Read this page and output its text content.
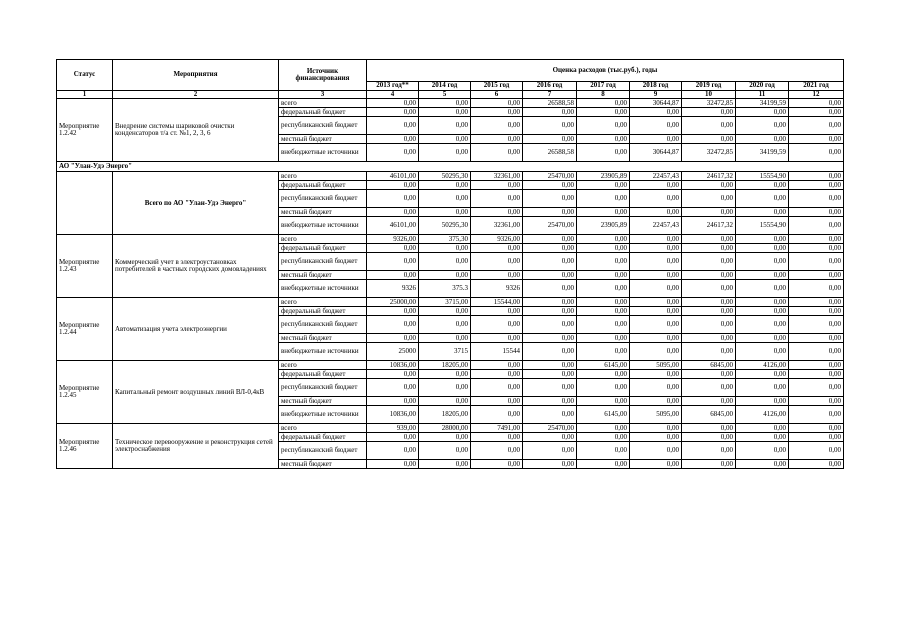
Статус	Мероприятия	Источник финансирования	Оценка расходов (тыс.руб.), годы								
			2013 год**	2014 год	2015 год	2016 год	2017 год	2018 год	2019 год	2020 год	2021 год
1	2	3	4	5	6	7	8	9	10	11	12
Мероприятие 1.2.42	Внедрение системы шариковой очистки конденсаторов т/а ст. №1, 2, 3, 6	всего	0,00	0,00	0,00	26588,58	0,00	30644,87	32472,85	34199,59	0,00
		федеральный бюджет	0,00	0,00	0,00	0,00	0,00	0,00	0,00	0,00	0,00
		республиканский бюджет	0,00	0,00	0,00	0,00	0,00	0,00	0,00	0,00	0,00
		местный бюджет	0,00	0,00	0,00	0,00	0,00	0,00	0,00	0,00	0,00
		внебюджетные источники	0,00	0,00	0,00	26588,58	0,00	30644,87	32472,85	34199,59	0,00
АО "Улан-Удэ Энерго"											
	Всего по АО "Улан-Удэ Энерго"	всего	46101,00	50295,30	32361,00	25470,00	23905,89	22457,43	24617,32	15554,90	0,00
		федеральный бюджет	0,00	0,00	0,00	0,00	0,00	0,00	0,00	0,00	0,00
		республиканский бюджет	0,00	0,00	0,00	0,00	0,00	0,00	0,00	0,00	0,00
		местный бюджет	0,00	0,00	0,00	0,00	0,00	0,00	0,00	0,00	0,00
		внебюджетные источники	46101,00	50295,30	32361,00	25470,00	23905,89	22457,43	24617,32	15554,90	0,00
Мероприятие 1.2.43	Коммерческий учет в электроустановках потребителей в частных городских домовладениях	всего	9326,00	375,30	9326,00	0,00	0,00	0,00	0,00	0,00	0,00
		федеральный бюджет	0,00	0,00	0,00	0,00	0,00	0,00	0,00	0,00	0,00
		республиканский бюджет	0,00	0,00	0,00	0,00	0,00	0,00	0,00	0,00	0,00
		местный бюджет	0,00	0,00	0,00	0,00	0,00	0,00	0,00	0,00	0,00
		внебюджетные источники	9326	375.3	9326	0,00	0,00	0,00	0,00	0,00	0,00
Мероприятие 1.2.44	Автоматизация учета электроэнергии	всего	25000,00	3715,00	15544,00	0,00	0,00	0,00	0,00	0,00	0,00
		федеральный бюджет	0,00	0,00	0,00	0,00	0,00	0,00	0,00	0,00	0,00
		республиканский бюджет	0,00	0,00	0,00	0,00	0,00	0,00	0,00	0,00	0,00
		местный бюджет	0,00	0,00	0,00	0,00	0,00	0,00	0,00	0,00	0,00
		внебюджетные источники	25000	3715	15544	0,00	0,00	0,00	0,00	0,00	0,00
Мероприятие 1.2.45	Капитальный ремонт воздушных линий ВЛ-0,4кВ	всего	10836,00	18205,00	0,00	0,00	6145,00	5095,00	6845,00	4126,00	0,00
		федеральный бюджет	0,00	0,00	0,00	0,00	0,00	0,00	0,00	0,00	0,00
		республиканский бюджет	0,00	0,00	0,00	0,00	0,00	0,00	0,00	0,00	0,00
		местный бюджет	0,00	0,00	0,00	0,00	0,00	0,00	0,00	0,00	0,00
		внебюджетные источники	10836,00	18205,00	0,00	0,00	6145,00	5095,00	6845,00	4126,00	0,00
Мероприятие 1.2.46	Техническое перевооружение и реконструкция сетей электроснабжения	всего	939,00	28000,00	7491,00	25470,00	0,00	0,00	0,00	0,00	0,00
		федеральный бюджет	0,00	0,00	0,00	0,00	0,00	0,00	0,00	0,00	0,00
		республиканский бюджет	0,00	0,00	0,00	0,00	0,00	0,00	0,00	0,00	0,00
		местный бюджет	0,00	0,00	0,00	0,00	0,00	0,00	0,00	0,00	0,00
